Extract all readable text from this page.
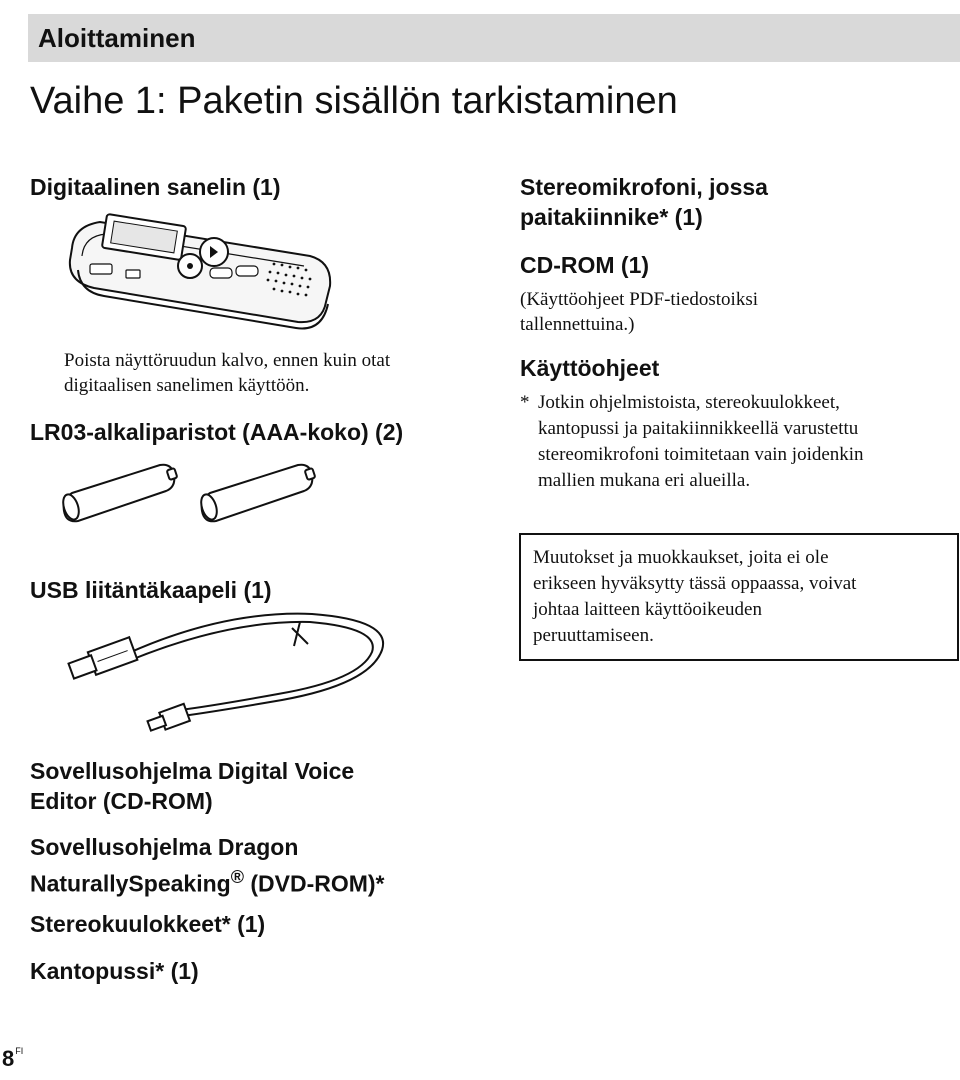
Aloittaminen
Vaihe 1: Paketin sisällön tarkistaminen
Digitaalinen sanelin (1)
Poista näyttöruudun kalvo, ennen kuin otat
digitaalisen sanelimen käyttöön.
LR03-alkaliparistot (AAA-koko) (2)
USB liitäntäkaapeli (1)
Sovellusohjelma Digital Voice
Editor (CD-ROM)
Sovellusohjelma Dragon
NaturallySpeaking® (DVD-ROM)*
Stereokuulokkeet* (1)
Kantopussi* (1)
Stereomikrofoni, jossa
paitakiinnike* (1)
CD-ROM (1)
(Käyttöohjeet PDF-tiedostoiksi
tallennettuina.)
Käyttöohjeet
* Jotkin ohjelmistoista, stereokuulokkeet,
kantopussi ja paitakiinnikkeellä varustettu
stereomikrofoni toimitetaan vain joidenkin
mallien mukana eri alueilla.
Muutokset ja muokkaukset, joita ei ole
erikseen hyväksytty tässä oppaassa, voivat
johtaa laitteen käyttöoikeuden
peruuttamiseen.
$8^{FI}$
